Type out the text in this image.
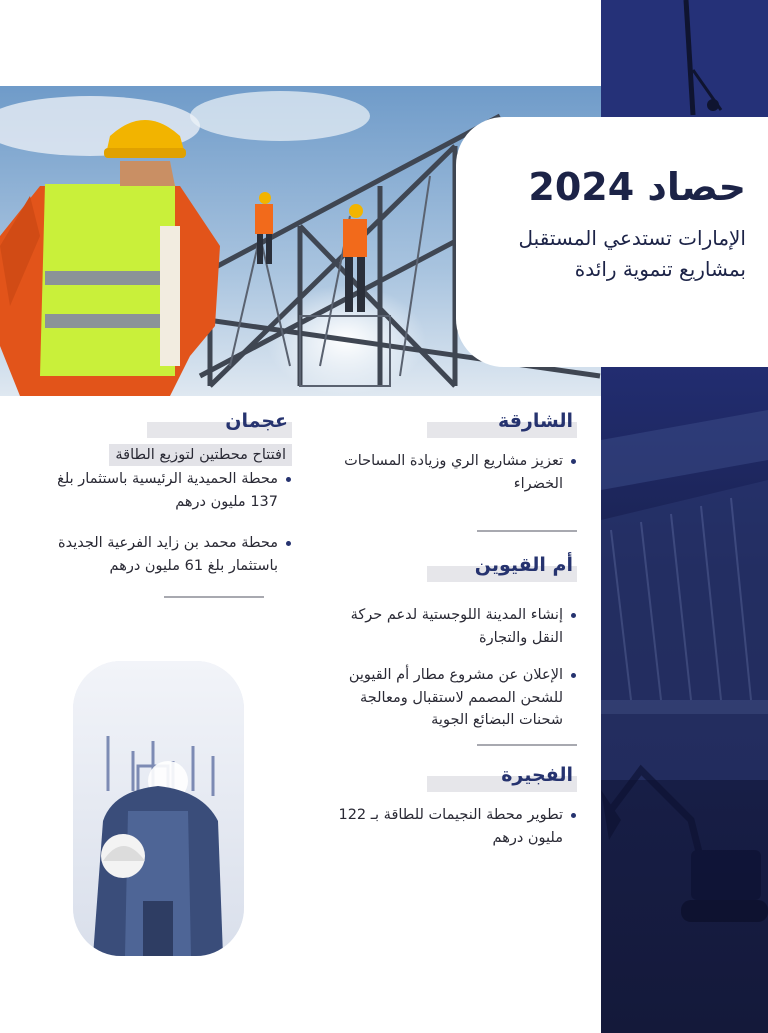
حصاد 2024
الإمارات تستدعي المستقبل
بمشاريع تنموية رائدة
الشارقة
تعزيز مشاريع الري وزيادة المساحات الخضراء
أم القيوين
إنشاء المدينة اللوجستية لدعم حركة النقل والتجارة
الإعلان عن مشروع مطار أم القيوين للشحن المصمم لاستقبال ومعالجة شحنات البضائع الجوية
الفجيرة
تطوير محطة النجيمات للطاقة بـ 122 مليون درهم
عجمان
افتتاح محطتين لتوزيع الطاقة
محطة الحميدية الرئيسية باستثمار بلغ 137 مليون درهم
محطة محمد بن زايد الفرعية الجديدة باستثمار بلغ 61 مليون درهم
